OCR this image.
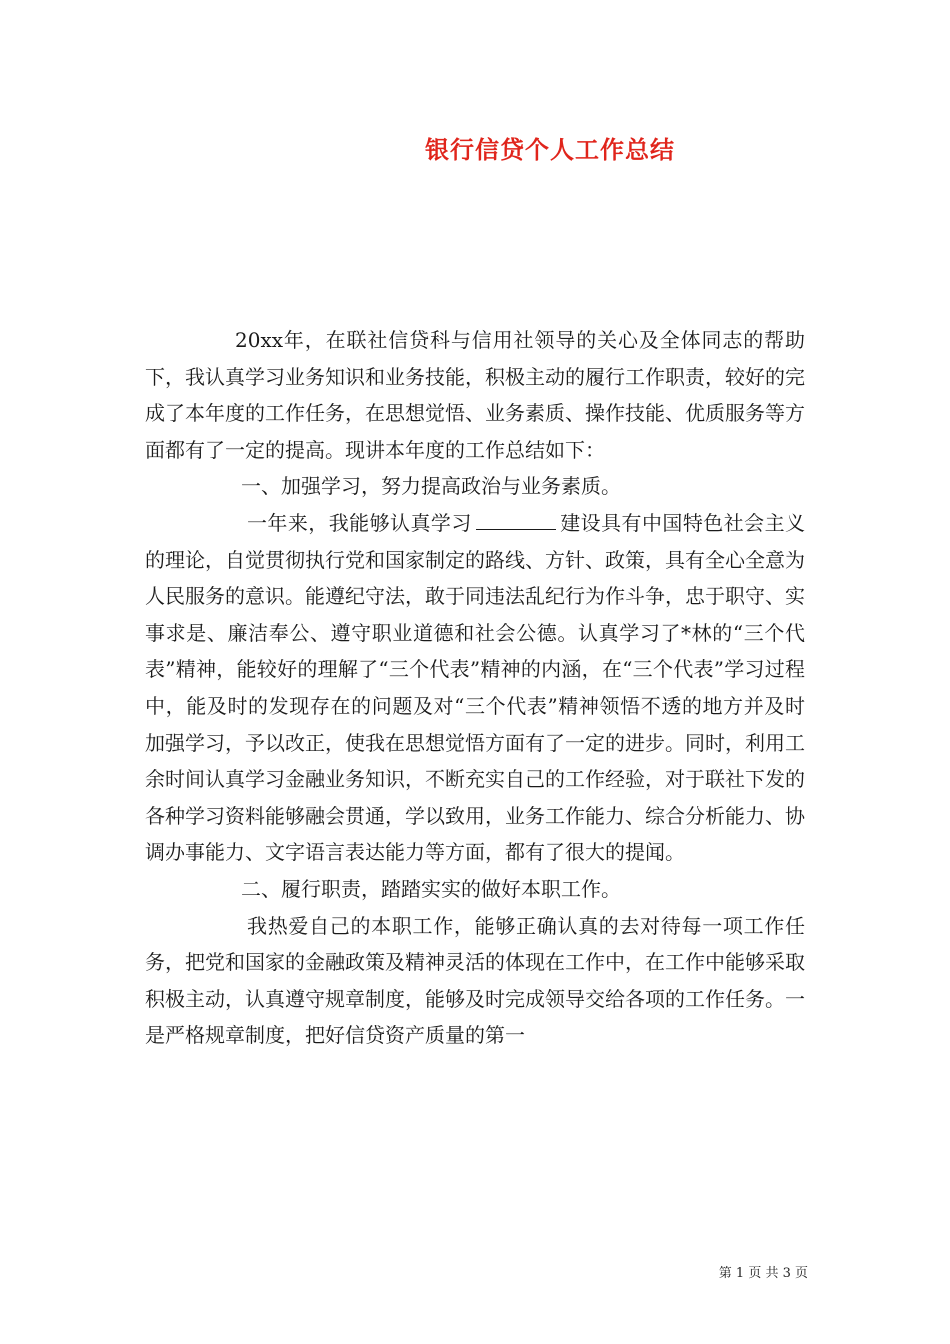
银行信贷个人工作总结

20xx年，在联社信贷科与信用社领导的关心及全体同志的帮助下，我认真学习业务知识和业务技能，积极主动的履行工作职责，较好的完成了本年度的工作任务，在思想觉悟、业务素质、操作技能、优质服务等方面都有了一定的提高。现讲本年度的工作总结如下：

一、加强学习，努力提高政治与业务素质。

一年来，我能够认真学习	建设具有中国特色社会主义的理论，自觉贯彻执行党和国家制定的路线、方针、政策，具有全心全意为人民服务的意识。能遵纪守法，敢于同违法乱纪行为作斗争，忠于职守、实事求是、廉洁奉公、遵守职业道德和社会公德。认真学习了*林的“三个代表”精神，能较好的理解了“三个代表”精神的内涵，在“三个代表”学习过程中，能及时的发现存在的问题及对“三个代表”精神领悟不透的地方并及时加强学习，予以改正，使我在思想觉悟方面有了一定的进步。同时，利用工余时间认真学习金融业务知识，不断充实自己的工作经验，对于联社下发的各种学习资料能够融会贯通，学以致用，业务工作能力、综合分析能力、协调办事能力、文字语言表达能力等方面，都有了很大的提闻。

二、履行职责，踏踏实实的做好本职工作。

我热爱自己的本职工作，能够正确认真的去对待每一项工作任务，把党和国家的金融政策及精神灵活的体现在工作中，在工作中能够采取积极主动，认真遵守规章制度，能够及时完成领导交给各项的工作任务。一是严格规章制度，把好信贷资产质量的第一

第 1 页 共 3 页
